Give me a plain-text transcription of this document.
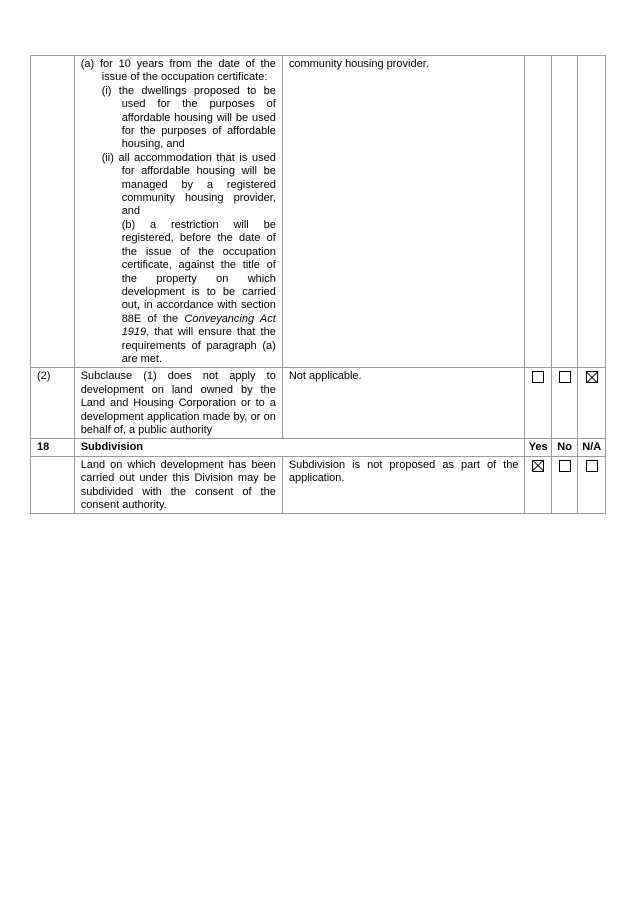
	(a) for 10 years from the date of the issue of the occupation certificate:
(i) the dwellings proposed to be used for the purposes of affordable housing will be used for the purposes of affordable housing, and
(ii) all accommodation that is used for affordable housing will be managed by a registered community housing provider, and
(b) a restriction will be registered, before the date of the issue of the occupation certificate, against the title of the property on which development is to be carried out, in accordance with section 88E of the Conveyancing Act 1919, that will ensure that the requirements of paragraph (a) are met.	community housing provider.			
(2)	Subclause (1) does not apply to development on land owned by the Land and Housing Corporation or to a development application made by, or on behalf of, a public authority	Not applicable.	

18	Subdivision		Yes	No	N/A
	Land on which development has been carried out under this Division may be subdivided with the consent of the consent authority.	Subdivision is not proposed as part of the application.	
